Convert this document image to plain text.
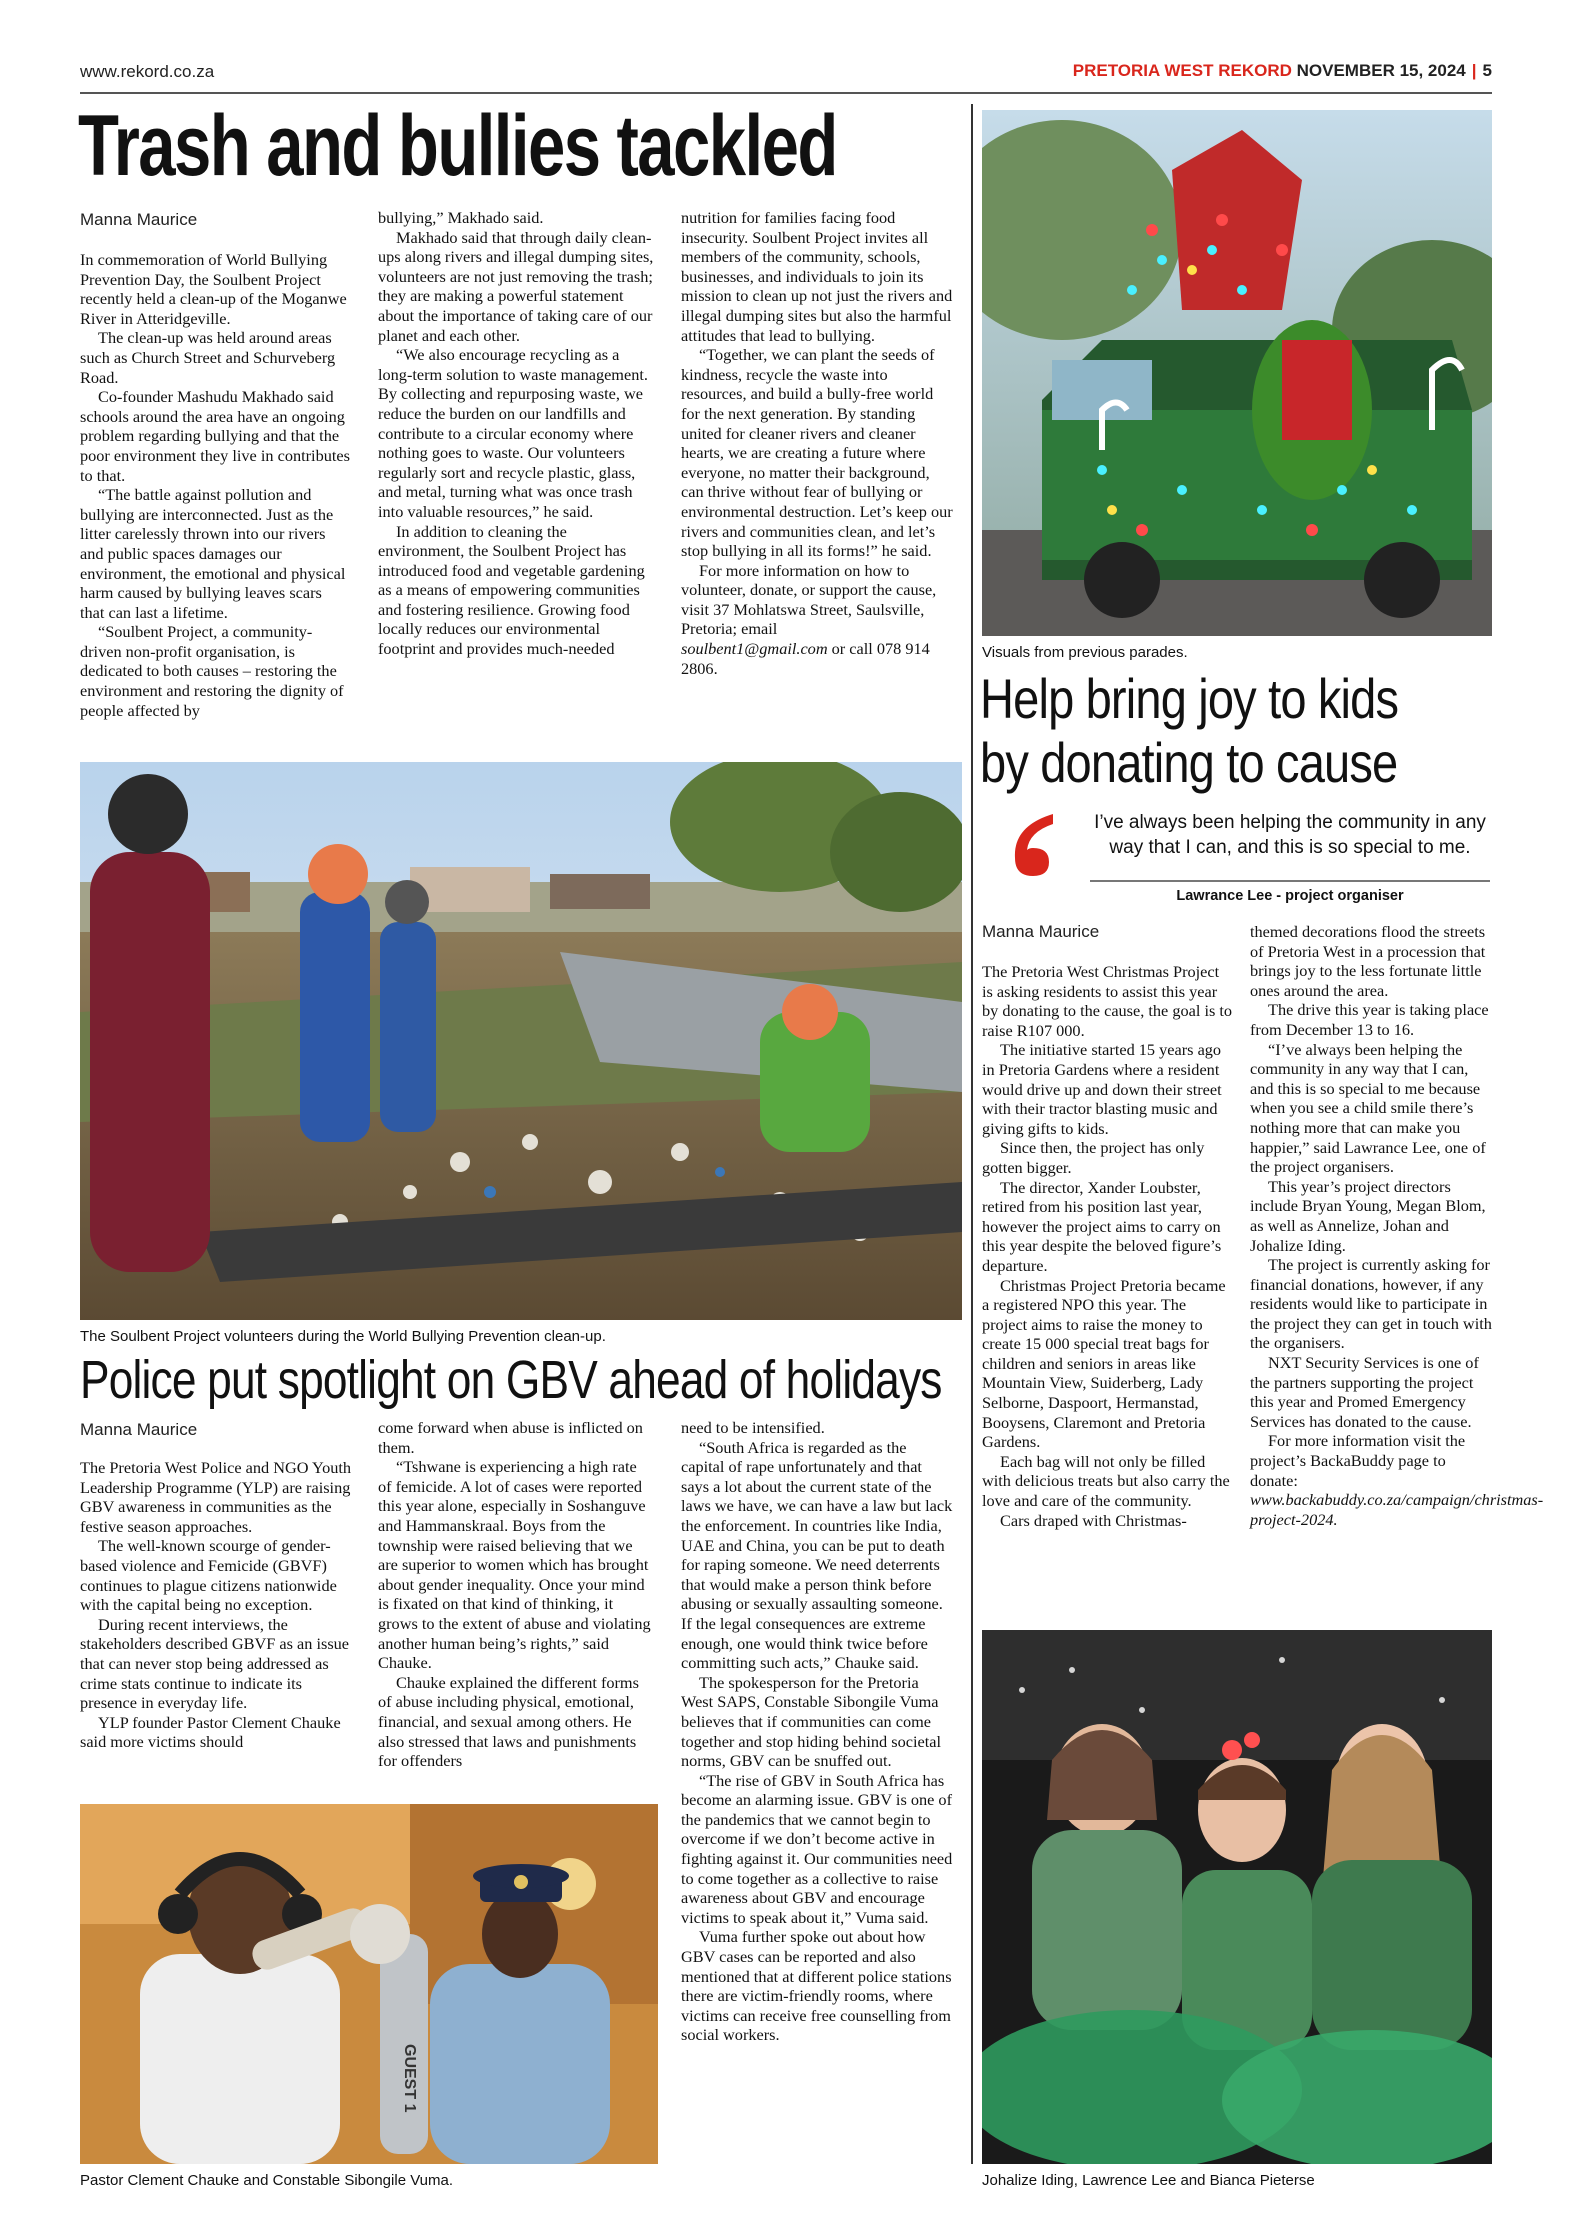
www.rekord.co.za	PRETORIA WEST REKORD NOVEMBER 15, 2024 | 5
Trash and bullies tackled
Manna Maurice

In commemoration of World Bullying Prevention Day, the Soulbent Project recently held a clean-up of the Moganwe River in Atteridgeville.

The clean-up was held around areas such as Church Street and Schurveberg Road.

Co-founder Mashudu Makhado said schools around the area have an ongoing problem regarding bullying and that the poor environment they live in contributes to that.

“The battle against pollution and bullying are interconnected. Just as the litter carelessly thrown into our rivers and public spaces damages our environment, the emotional and physical harm caused by bullying leaves scars that can last a lifetime.

“Soulbent Project, a community-driven non-profit organisation, is dedicated to both causes – restoring the environment and restoring the dignity of people affected by

bullying,” Makhado said.

Makhado said that through daily clean-ups along rivers and illegal dumping sites, volunteers are not just removing the trash; they are making a powerful statement about the importance of taking care of our planet and each other.

“We also encourage recycling as a long-term solution to waste management. By collecting and repurposing waste, we reduce the burden on our landfills and contribute to a circular economy where nothing goes to waste. Our volunteers regularly sort and recycle plastic, glass, and metal, turning what was once trash into valuable resources,” he said.

In addition to cleaning the environment, the Soulbent Project has introduced food and vegetable gardening as a means of empowering communities and fostering resilience. Growing food locally reduces our environmental footprint and provides much-needed

nutrition for families facing food insecurity. Soulbent Project invites all members of the community, schools, businesses, and individuals to join its mission to clean up not just the rivers and illegal dumping sites but also the harmful attitudes that lead to bullying.

“Together, we can plant the seeds of kindness, recycle the waste into resources, and build a bully-free world for the next generation. By standing united for cleaner rivers and cleaner hearts, we are creating a future where everyone, no matter their background, can thrive without fear of bullying or environmental destruction. Let’s keep our rivers and communities clean, and let’s stop bullying in all its forms!” he said.

For more information on how to volunteer, donate, or support the cause, visit 37 Mohlatswa Street, Saulsville, Pretoria; email

soulbent1@gmail.com or call 078 914 2806.

The Soulbent Project volunteers during the World Bullying Prevention clean-up.
Police put spotlight on GBV ahead of holidays
Manna Maurice

The Pretoria West Police and NGO Youth Leadership Programme (YLP) are raising GBV awareness in communities as the festive season approaches.

The well-known scourge of gender-based violence and Femicide (GBVF) continues to plague citizens nationwide with the capital being no exception.

During recent interviews, the stakeholders described GBVF as an issue that can never stop being addressed as crime stats continue to indicate its presence in everyday life.

YLP founder Pastor Clement Chauke said more victims should

come forward when abuse is inflicted on them.

“Tshwane is experiencing a high rate of femicide. A lot of cases were reported this year alone, especially in Soshanguve and Hammanskraal. Boys from the township were raised believing that we are superior to women which has brought about gender inequality. Once your mind is fixated on that kind of thinking, it grows to the extent of abuse and violating another human being’s rights,” said Chauke.

Chauke explained the different forms of abuse including physical, emotional, financial, and sexual among others. He also stressed that laws and punishments for offenders

need to be intensified.

“South Africa is regarded as the capital of rape unfortunately and that says a lot about the current state of the laws we have, we can have a law but lack the enforcement. In countries like India, UAE and China, you can be put to death for raping someone. We need deterrents that would make a person think before abusing or sexually assaulting someone. If the legal consequences are extreme enough, one would think twice before committing such acts,” Chauke said.

The spokesperson for the Pretoria West SAPS, Constable Sibongile Vuma believes that if communities can come together and stop hiding behind societal norms, GBV can be snuffed out.

“The rise of GBV in South Africa has become an alarming issue. GBV is one of the pandemics that we cannot begin to overcome if we don’t become active in fighting against it. Our communities need to come together as a collective to raise awareness about GBV and encourage victims to speak about it,” Vuma said.

Vuma further spoke out about how GBV cases can be reported and also mentioned that at different police stations there are victim-friendly rooms, where victims can receive free counselling from social workers.

GUEST 1
Pastor Clement Chauke and Constable Sibongile Vuma.
Visuals from previous parades.
Help bring joy to kids
by donating to cause
I’ve always been helping the community in any way that I can, and this is so special to me.
Lawrance Lee - project organiser
Manna Maurice

The Pretoria West Christmas Project is asking residents to assist this year by donating to the cause, the goal is to raise R107 000.

The initiative started 15 years ago in Pretoria Gardens where a resident would drive up and down their street with their tractor blasting music and giving gifts to kids.

Since then, the project has only gotten bigger.

The director, Xander Loubster, retired from his position last year, however the project aims to carry on this year despite the beloved figure’s departure.

Christmas Project Pretoria became a registered NPO this year. The project aims to raise the money to create 15 000 special treat bags for children and seniors in areas like Mountain View, Suiderberg, Lady Selborne, Daspoort, Hermanstad, Booysens, Claremont and Pretoria Gardens.

Each bag will not only be filled with delicious treats but also carry the love and care of the community.

Cars draped with Christmas-

themed decorations flood the streets of Pretoria West in a procession that brings joy to the less fortunate little ones around the area.

The drive this year is taking place from December 13 to 16.

“I’ve always been helping the community in any way that I can, and this is so special to me because when you see a child smile there’s nothing more that can make you happier,” said Lawrance Lee, one of the project organisers.

This year’s project directors include Bryan Young, Megan Blom, as well as Annelize, Johan and Johalize Iding.

The project is currently asking for financial donations, however, if any residents would like to participate in the project they can get in touch with the organisers.

NXT Security Services is one of the partners supporting the project this year and Promed Emergency Services has donated to the cause.

For more information visit the project’s BackaBuddy page to donate:

www.backabuddy.co.za/campaign/christmas-project-2024.

Johalize Iding, Lawrence Lee and Bianca Pieterse
